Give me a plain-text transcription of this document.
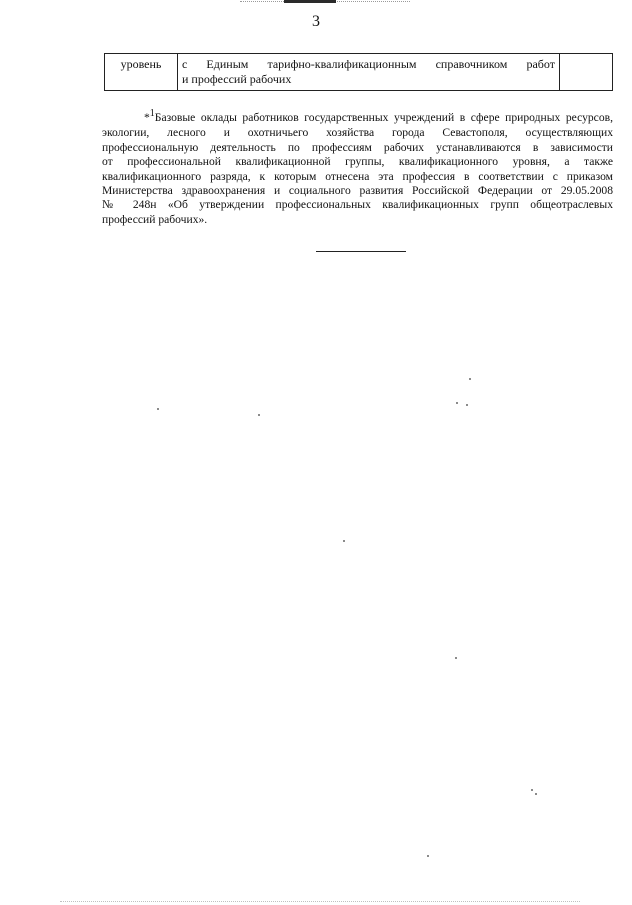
3
уровень	с Единым тарифно-квалификационным справочником работ
и профессий рабочих

*1Базовые оклады работников государственных учреждений в сфере природных ресурсов,
экологии, лесного и охотничьего хозяйства города Севастополя, осуществляющих
профессиональную деятельность по профессиям рабочих устанавливаются в зависимости
от профессиональной квалификационной группы, квалификационного уровня, а также
квалификационного разряда, к которым отнесена эта профессия в соответствии с приказом
Министерства здравоохранения и социального развития Российской Федерации от 29.05.2008
№ 248н «Об утверждении профессиональных квалификационных групп общеотраслевых
профессий рабочих».
